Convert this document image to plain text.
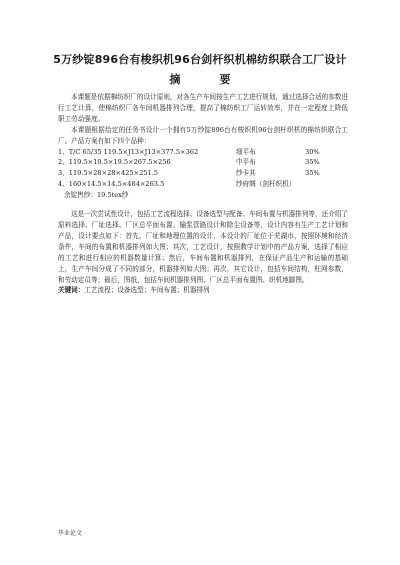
5万纱锭896台有梭织机96台剑杆织机棉纺织联合工厂设计
摘　要

本课题是依据棉纺织厂的设计原则，对各生产车间按生产工艺进行规划，通过选择合适的参数进行工艺计算，使棉纺织厂各车间机器排列合理，提高了棉纺织工厂运转效率，并在一定程度上降低职工劳动强度。

本课题根据给定的任务书设计一个拥有5万纱锭896台有梭织机96台剑杆织机的棉纺织联合工厂。产品方案有如下四个品种：

1、T/C 65/35 119.5×J13×J13×377.5×362	细平布	30%
2、119.5×19.5×19.5×267.5×256	中平布	35%
3、119.5×28×28×425×251.5	纱卡其	35%
4、160×14.5×14.5×484×263.5	纱府绸（剑杆织机）

余锭售纱：19.5tex纱

这是一次尝试性设计，包括工艺流程选择、设备选型与配备、车间布置与机器排列等，还介绍了原料选择、厂址选择、厂区总平面布置、输浆管路设计和除尘设备等，设计内容有生产工艺计划和产品，设计要点如下：首先，厂址和地理位置的设计，本设计的厂址位于芜湖市，按照环境和经济条件，车间的布置和机器排列如大图；其次，工艺设计，按照教学计划中的产品方案，选择了相应的工艺和进行相应的机器数量计算；然后，车间布置和机器排列，在保证产品生产和运输的基础上，生产车间分成了不同的部分，机器排列如大图；再次，其它设计，包括车间结构，柱网参数，和劳动定员等；最后，图纸，包括车间机器排列图、厂区总平面布置图、织机地脚图。

关键词：工艺流程；设备选型；车间布置；机器排列

毕业论文
